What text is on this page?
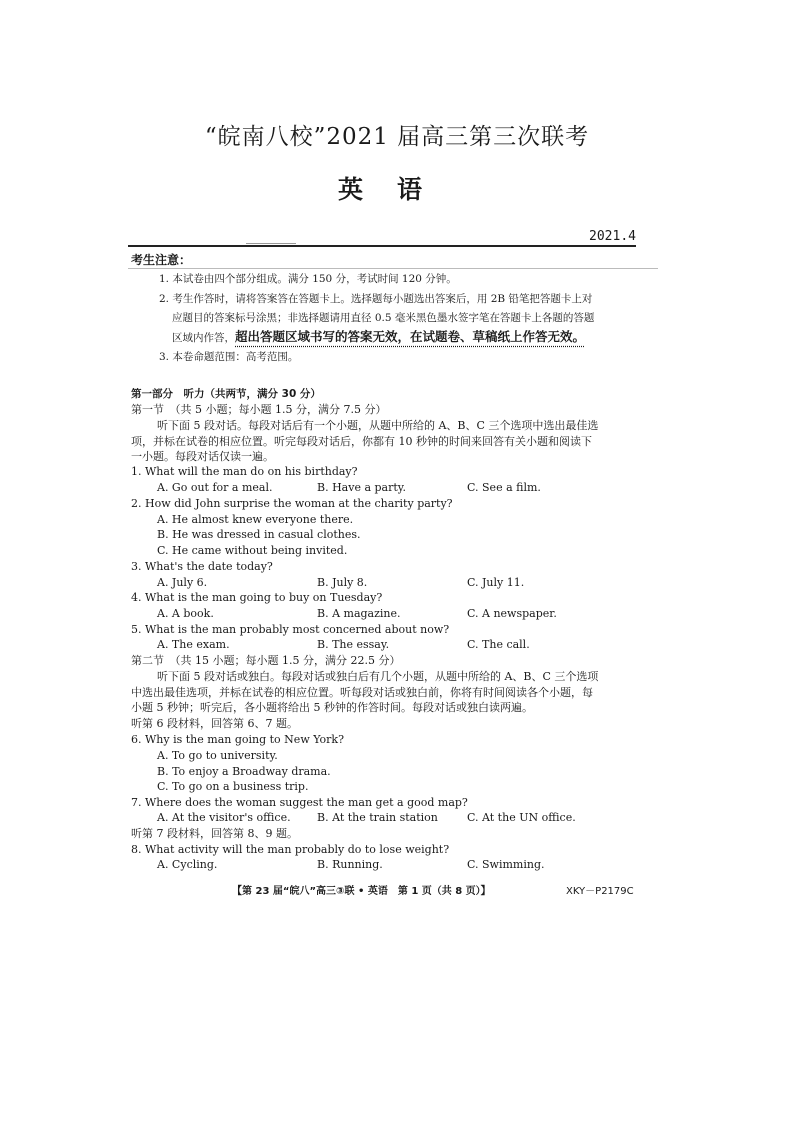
“皖南八校”2021 届高三第三次联考
英语
2021.4
考生注意：
1. 本试卷由四个部分组成。满分 150 分，考试时间 120 分钟。
2. 考生作答时，请将答案答在答题卡上。选择题每小题选出答案后，用 2B 铅笔把答题卡上对
应题目的答案标号涂黑；非选择题请用直径 0.5 毫米黑色墨水签字笔在答题卡上各题的答题
区域内作答，超出答题区域书写的答案无效，在试题卷、草稿纸上作答无效。
3. 本卷命题范围：高考范围。
第一部分　听力（共两节，满分 30 分）
第一节　（共 5 小题；每小题 1.5 分，满分 7.5 分）
听下面 5 段对话。每段对话后有一个小题，从题中所给的 A、B、C 三个选项中选出最佳选
项，并标在试卷的相应位置。听完每段对话后，你都有 10 秒钟的时间来回答有关小题和阅读下
一小题。每段对话仅读一遍。
1. What will the man do on his birthday?
A. Go out for a meal.	B. Have a party.	C. See a film.
2. How did John surprise the woman at the charity party?
A. He almost knew everyone there.
B. He was dressed in casual clothes.
C. He came without being invited.
3. What's the date today?
A. July 6.	B. July 8.	C. July 11.
4. What is the man going to buy on Tuesday?
A. A book.	B. A magazine.	C. A newspaper.
5. What is the man probably most concerned about now?
A. The exam.	B. The essay.	C. The call.
第二节　（共 15 小题；每小题 1.5 分，满分 22.5 分）
听下面 5 段对话或独白。每段对话或独白后有几个小题，从题中所给的 A、B、C 三个选项
中选出最佳选项，并标在试卷的相应位置。听每段对话或独白前，你将有时间阅读各个小题，每
小题 5 秒钟；听完后，各小题将给出 5 秒钟的作答时间。每段对话或独白读两遍。
听第 6 段材料，回答第 6、7 题。
6. Why is the man going to New York?
A. To go to university.
B. To enjoy a Broadway drama.
C. To go on a business trip.
7. Where does the woman suggest the man get a good map?
A. At the visitor's office. B. At the train station	C. At the UN office.
听第 7 段材料，回答第 8、9 题。
8. What activity will the man probably do to lose weight?
A. Cycling.	B. Running.	C. Swimming.
【第 23 届“皖八”高三③联 • 英语　第 1 页（共 8 页）】	XKY－P2179C
